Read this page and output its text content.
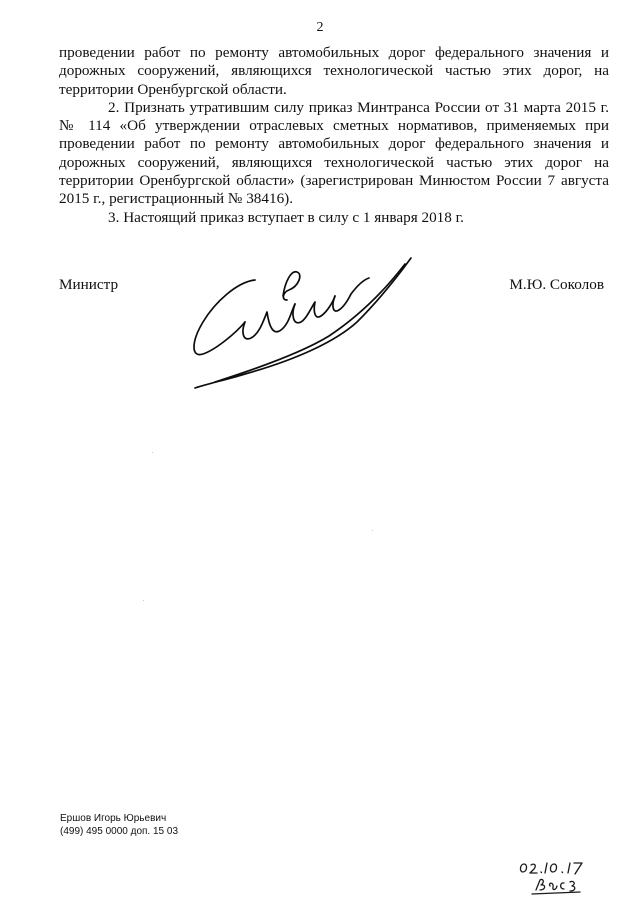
2

проведении работ по ремонту автомобильных дорог федерального значения и дорожных сооружений, являющихся технологической частью этих дорог, на территории Оренбургской области.

2. Признать утратившим силу приказ Минтранса России от 31 марта 2015 г. № 114 «Об утверждении отраслевых сметных нормативов, применяемых при проведении работ по ремонту автомобильных дорог федерального значения и дорожных сооружений, являющихся технологической частью этих дорог на территории Оренбургской области» (зарегистрирован Минюстом России 7 августа 2015 г., регистрационный № 38416).

3. Настоящий приказ вступает в силу с 1 января 2018 г.

Министр	М.Ю. Соколов
Ершов Игорь Юрьевич
(499) 495 0000 доп. 15 03
